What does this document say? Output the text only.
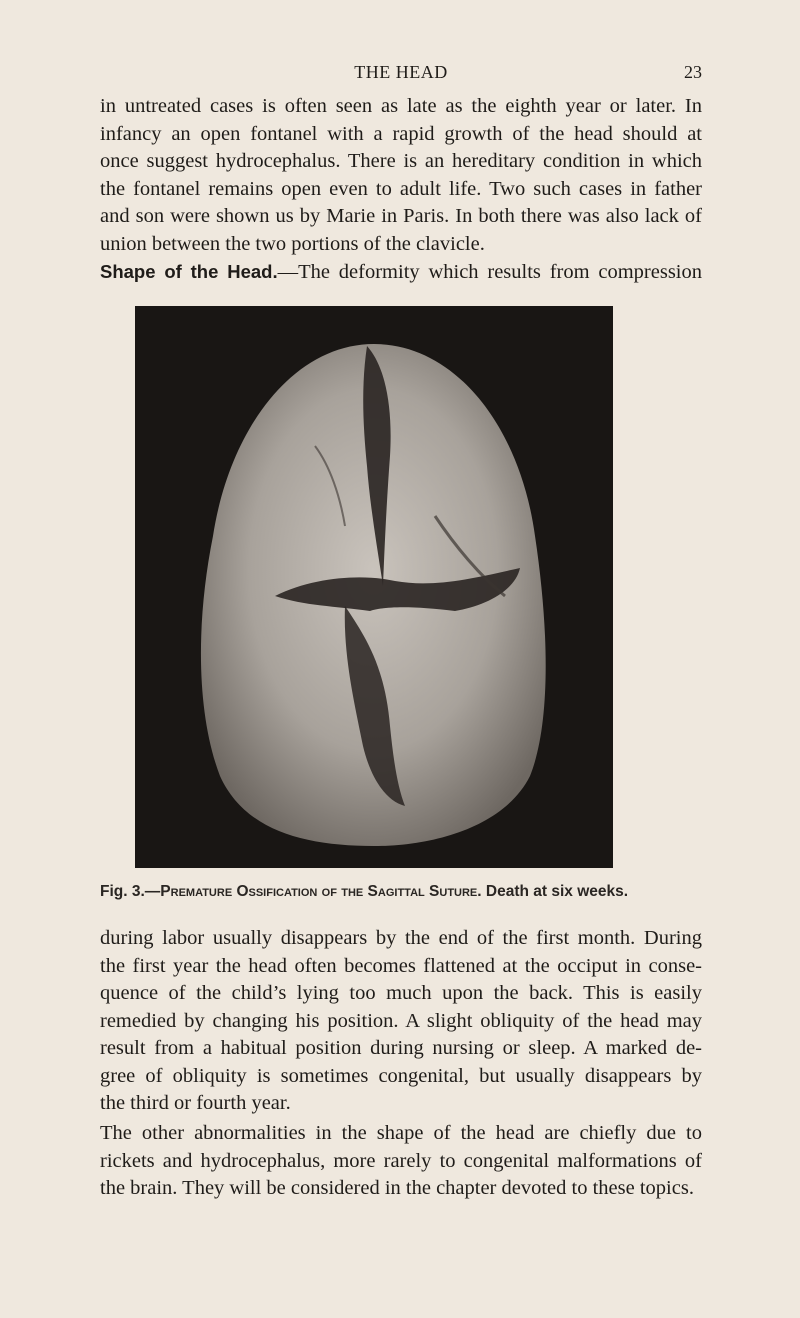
THE HEAD	23
in untreated cases is often seen as late as the eighth year or later. In
infancy an open fontanel with a rapid growth of the head should at
once suggest hydrocephalus. There is an hereditary condition in which
the fontanel remains open even to adult life. Two such cases in father
and son were shown us by Marie in Paris. In both there was also lack of
union between the two portions of the clavicle.
Shape of the Head.—The deformity which results from compression
Fig. 3.—Premature Ossification of the Sagittal Suture. Death at six weeks.
during labor usually disappears by the end of the first month. During
the first year the head often becomes flattened at the occiput in conse-
quence of the child’s lying too much upon the back. This is easily
remedied by changing his position. A slight obliquity of the head may
result from a habitual position during nursing or sleep. A marked de-
gree of obliquity is sometimes congenital, but usually disappears by
the third or fourth year.
The other abnormalities in the shape of the head are chiefly due to
rickets and hydrocephalus, more rarely to congenital malformations of
the brain. They will be considered in the chapter devoted to these topics.
